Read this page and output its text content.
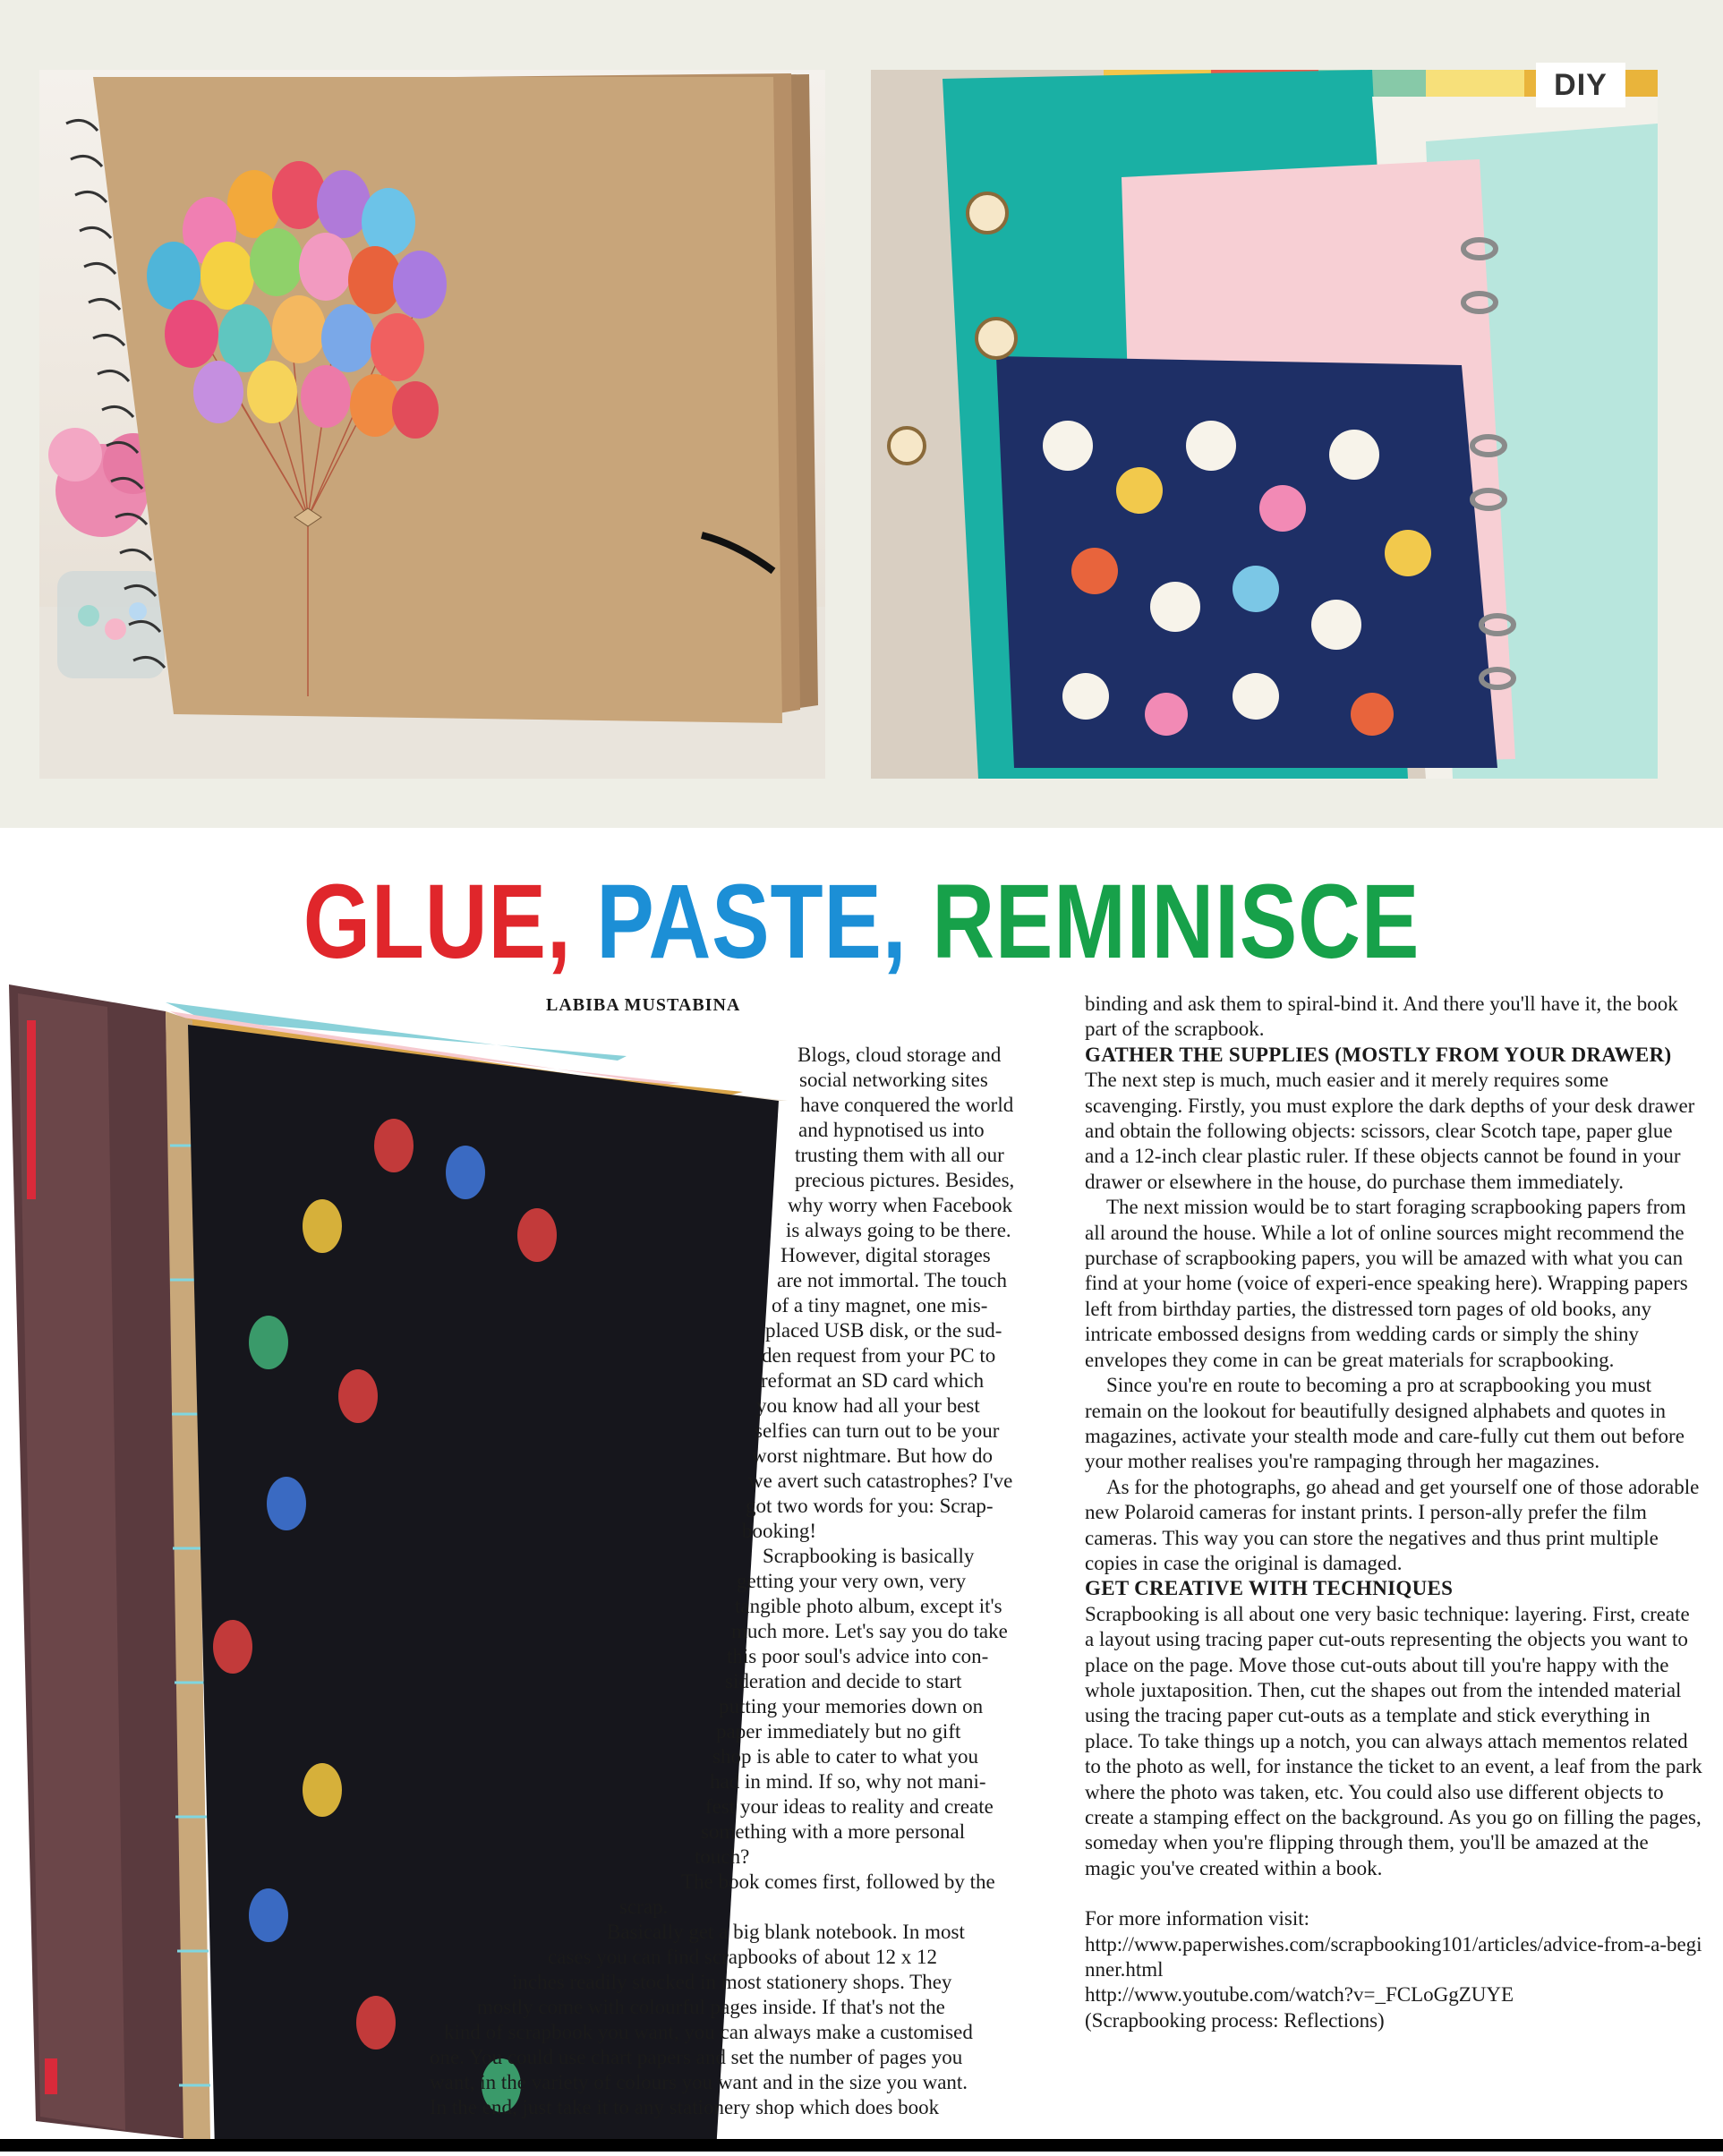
DIY
GLUE, PASTE, REMINISCE
LABIBA MUSTABINA
Blogs, cloud storage and
social networking sites
have conquered the world
and hypnotised us into
trusting them with all our
precious pictures. Besides,
why worry when Facebook
is always going to be there.
However, digital storages
are not immortal. The touch
of a tiny magnet, one mis-
placed USB disk, or the sud-
den request from your PC to
reformat an SD card which
you know had all your best
selfies can turn out to be your
worst nightmare. But how do
we avert such catastrophes? I've
got two words for you: Scrap-
booking!
Scrapbooking is basically
getting your very own, very
tangible photo album, except it's
much more. Let's say you do take
this poor soul's advice into con-
sideration and decide to start
putting your memories down on
paper immediately but no gift
shop is able to cater to what you
had in mind. If so, why not mani-
fest your ideas to reality and create
something with a more personal
touch?
The book comes first, followed by the
scrap.
Basically get a big blank notebook. In most
cases you can find scrapbooks of about 12 x 12
inches readily stocked in most stationery shops. They
mostly come with colourful pages inside. If that's not the
kind of scrapbook you want, you can always make a customised
one. You could use chart papers and set the number of pages you
want, in the variety of colours you want and in the size you want.
In the end, just take it to any stationery shop which does book

binding and ask them to spiral-bind it. And there you'll have it, the book part of the scrapbook.

GATHER THE SUPPLIES (MOSTLY FROM YOUR DRAWER)

The next step is much, much easier and it merely requires some scavenging. Firstly, you must explore the dark depths of your desk drawer and obtain the following objects: scissors, clear Scotch tape, paper glue and a 12-inch clear plastic ruler. If these objects cannot be found in your drawer or elsewhere in the house, do purchase them immediately.

The next mission would be to start foraging scrapbooking papers from all around the house. While a lot of online sources might recommend the purchase of scrapbooking papers, you will be amazed with what you can find at your home (voice of experi-ence speaking here). Wrapping papers left from birthday parties, the distressed torn pages of old books, any intricate embossed designs from wedding cards or simply the shiny envelopes they come in can be great materials for scrapbooking.

Since you're en route to becoming a pro at scrapbooking you must remain on the lookout for beautifully designed alphabets and quotes in magazines, activate your stealth mode and care-fully cut them out before your mother realises you're rampaging through her magazines.

As for the photographs, go ahead and get yourself one of those adorable new Polaroid cameras for instant prints. I person-ally prefer the film cameras. This way you can store the negatives and thus print multiple copies in case the original is damaged.

GET CREATIVE WITH TECHNIQUES

Scrapbooking is all about one very basic technique: layering. First, create a layout using tracing paper cut-outs representing the objects you want to place on the page. Move those cut-outs about till you're happy with the whole juxtaposition. Then, cut the shapes out from the intended material using the tracing paper cut-outs as a template and stick everything in place. To take things up a notch, you can always attach mementos related to the photo as well, for instance the ticket to an event, a leaf from the park where the photo was taken, etc. You could also use different objects to create a stamping effect on the background. As you go on filling the pages, someday when you're flipping through them, you'll be amazed at the magic you've created within a book.

For more information visit:

http://www.paperwishes.com/scrapbooking101/articles/advice-from-a-beginner.html

http://www.youtube.com/watch?v=_FCLoGgZUYE

(Scrapbooking process: Reflections)
